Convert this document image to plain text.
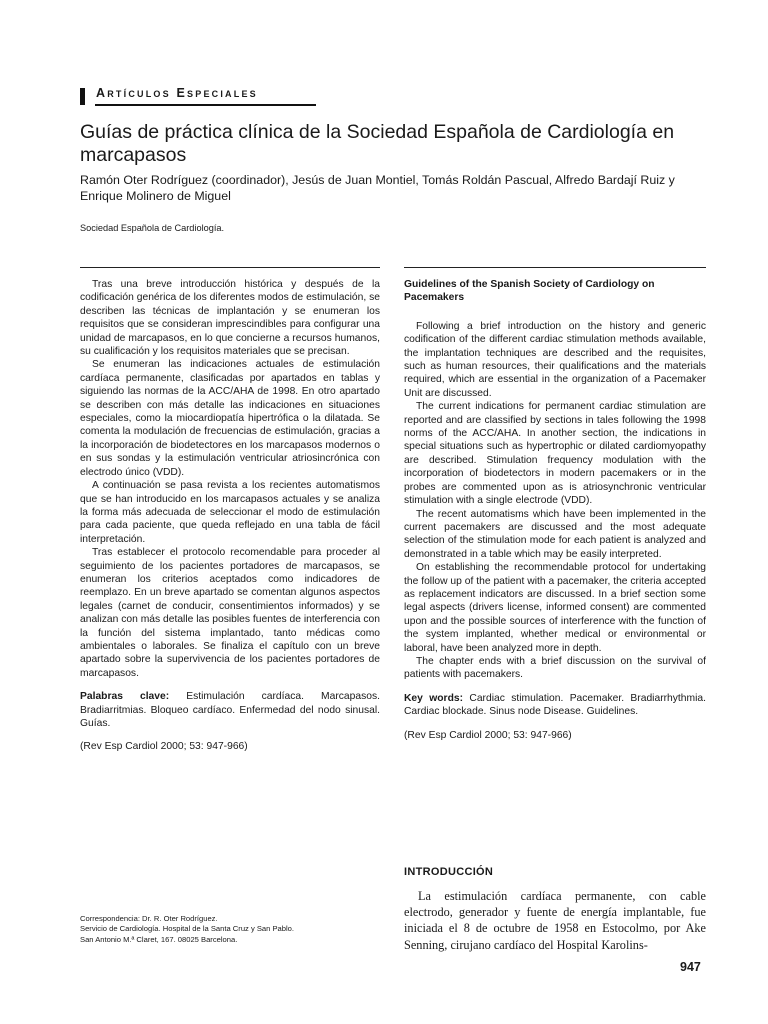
Artículos Especiales
Guías de práctica clínica de la Sociedad Española de Cardiología en marcapasos
Ramón Oter Rodríguez (coordinador), Jesús de Juan Montiel, Tomás Roldán Pascual, Alfredo Bardají Ruiz y Enrique Molinero de Miguel
Sociedad Española de Cardiología.

Tras una breve introducción histórica y después de la codificación genérica de los diferentes modos de estimulación, se describen las técnicas de implantación y se enumeran los requisitos que se consideran imprescindibles para configurar una unidad de marcapasos, en lo que concierne a recursos humanos, su cualificación y los requisitos materiales que se precisan.

Se enumeran las indicaciones actuales de estimulación cardíaca permanente, clasificadas por apartados en tablas y siguiendo las normas de la ACC/AHA de 1998. En otro apartado se describen con más detalle las indicaciones en situaciones especiales, como la miocardiopatía hipertrófica o la dilatada. Se comenta la modulación de frecuencias de estimulación, gracias a la incorporación de biodetectores en los marcapasos modernos o en sus sondas y la estimulación ventricular atriosincrónica con electrodo único (VDD).

A continuación se pasa revista a los recientes automatismos que se han introducido en los marcapasos actuales y se analiza la forma más adecuada de seleccionar el modo de estimulación para cada paciente, que queda reflejado en una tabla de fácil interpretación.

Tras establecer el protocolo recomendable para proceder al seguimiento de los pacientes portadores de marcapasos, se enumeran los criterios aceptados como indicadores de reemplazo. En un breve apartado se comentan algunos aspectos legales (carnet de conducir, consentimientos informados) y se analizan con más detalle las posibles fuentes de interferencia con la función del sistema implantado, tanto médicas como ambientales o laborales. Se finaliza el capítulo con un breve apartado sobre la supervivencia de los pacientes portadores de marcapasos.

Palabras clave: Estimulación cardíaca. Marcapasos. Bradiarritmias. Bloqueo cardíaco. Enfermedad del nodo sinusal. Guías.

(Rev Esp Cardiol 2000; 53: 947-966)

Guidelines of the Spanish Society of Cardiology on Pacemakers

Following a brief introduction on the history and generic codification of the different cardiac stimulation methods available, the implantation techniques are described and the requisites, such as human resources, their qualifications and the materials required, which are essential in the organization of a Pacemaker Unit are discussed.

The current indications for permanent cardiac stimulation are reported and are classified by sections in tales following the 1998 norms of the ACC/AHA. In another section, the indications in special situations such as hypertrophic or dilated cardiomyopathy are described. Stimulation frequency modulation with the incorporation of biodetectors in modern pacemakers or in the probes are commented upon as is atriosynchronic ventricular stimulation with a single electrode (VDD).

The recent automatisms which have been implemented in the current pacemakers are discussed and the most adequate selection of the stimulation mode for each patient is analyzed and demonstrated in a table which may be easily interpreted.

On establishing the recommendable protocol for undertaking the follow up of the patient with a pacemaker, the criteria accepted as replacement indicators are discussed. In a brief section some legal aspects (drivers license, informed consent) are commented upon and the possible sources of interference with the function of the system implanted, whether medical or environmental or laboral, have been analyzed more in depth.

The chapter ends with a brief discussion on the survival of patients with pacemakers.

Key words: Cardiac stimulation. Pacemaker. Bradiarrhythmia. Cardiac blockade. Sinus node Disease. Guidelines.

(Rev Esp Cardiol 2000; 53: 947-966)

INTRODUCCIÓN
La estimulación cardíaca permanente, con cable electrodo, generador y fuente de energía implantable, fue iniciada el 8 de octubre de 1958 en Estocolmo, por Ake Senning, cirujano cardíaco del Hospital Karolins-
Correspondencia: Dr. R. Oter Rodríguez.
Servicio de Cardiología. Hospital de la Santa Cruz y San Pablo.
San Antonio M.ª Claret, 167. 08025 Barcelona.
947
